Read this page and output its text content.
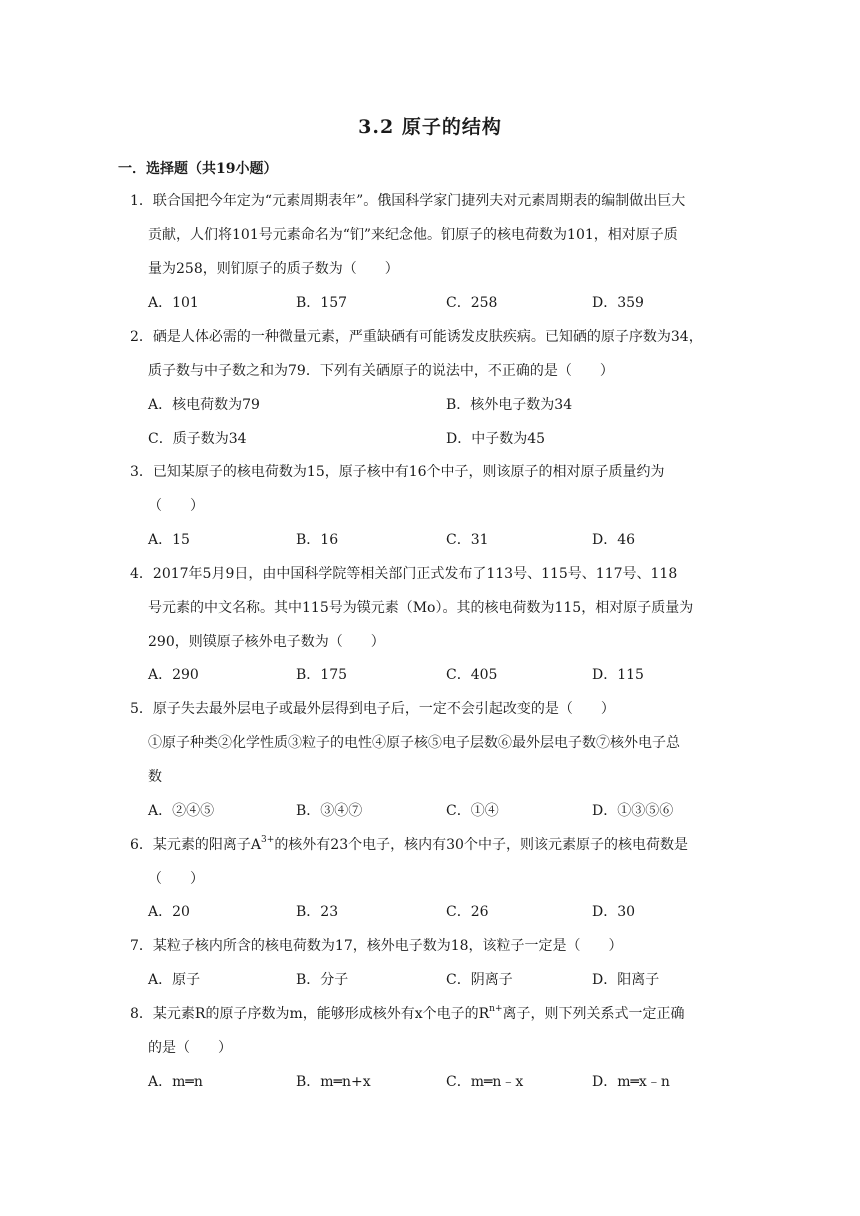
3.2 原子的结构
一．选择题（共19小题）
1．联合国把今年定为“元素周期表年”。俄国科学家门捷列夫对元素周期表的编制做出巨大
贡献，人们将101号元素命名为“钔”来纪念他。钔原子的核电荷数为101，相对原子质
量为258，则钔原子的质子数为（　　）
A．101	B．157	C．258	D．359
2．硒是人体必需的一种微量元素，严重缺硒有可能诱发皮肤疾病。已知硒的原子序数为34，
质子数与中子数之和为79．下列有关硒原子的说法中，不正确的是（　　）
A．核电荷数为79	B．核外电子数为34
C．质子数为34	D．中子数为45
3．已知某原子的核电荷数为15，原子核中有16个中子，则该原子的相对原子质量约为
（　　）
A．15	B．16	C．31	D．46
4．2017年5月9日，由中国科学院等相关部门正式发布了113号、115号、117号、118
号元素的中文名称。其中115号为镆元素（Mo）。其的核电荷数为115，相对原子质量为
290，则镆原子核外电子数为（　　）
A．290	B．175	C．405	D．115
5．原子失去最外层电子或最外层得到电子后，一定不会引起改变的是（　　）
①原子种类②化学性质③粒子的电性④原子核⑤电子层数⑥最外层电子数⑦核外电子总
数
A．②④⑤	B．③④⑦	C．①④	D．①③⑤⑥
6．某元素的阳离子$A^{3+}$的核外有23个电子，核内有30个中子，则该元素原子的核电荷数是
（　　）
A．20	B．23	C．26	D．30
7．某粒子核内所含的核电荷数为17，核外电子数为18，该粒子一定是（　　）
A．原子	B．分子	C．阴离子	D．阳离子
8．某元素R的原子序数为m，能够形成核外有x个电子的$R^{n+}$离子，则下列关系式一定正确
的是（　　）
A．m═n	B．m═n+x	C．m═n﹣x	D．m═x﹣n
